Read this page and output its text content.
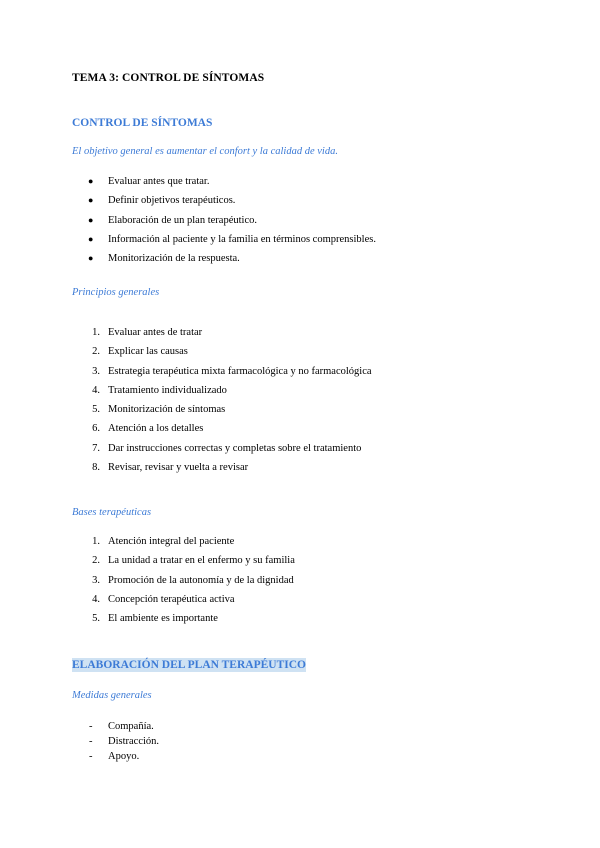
TEMA 3: CONTROL DE SÍNTOMAS
CONTROL DE SÍNTOMAS
El objetivo general es aumentar el confort y la calidad de vida.
● Evaluar antes que tratar.
● Definir objetivos terapéuticos.
● Elaboración de un plan terapéutico.
● Información al paciente y la familia en términos comprensibles.
● Monitorización de la respuesta.
Principios generales
1. Evaluar antes de tratar
2. Explicar las causas
3. Estrategia terapéutica mixta farmacológica y no farmacológica
4. Tratamiento individualizado
5. Monitorización de síntomas
6. Atención a los detalles
7. Dar instrucciones correctas y completas sobre el tratamiento
8. Revisar, revisar y vuelta a revisar
Bases terapéuticas
1. Atención integral del paciente
2. La unidad a tratar en el enfermo y su familia
3. Promoción de la autonomía y de la dignidad
4. Concepción terapéutica activa
5. El ambiente es importante
ELABORACIÓN DEL PLAN TERAPÉUTICO
Medidas generales
- Compañía.
- Distracción.
- Apoyo.
